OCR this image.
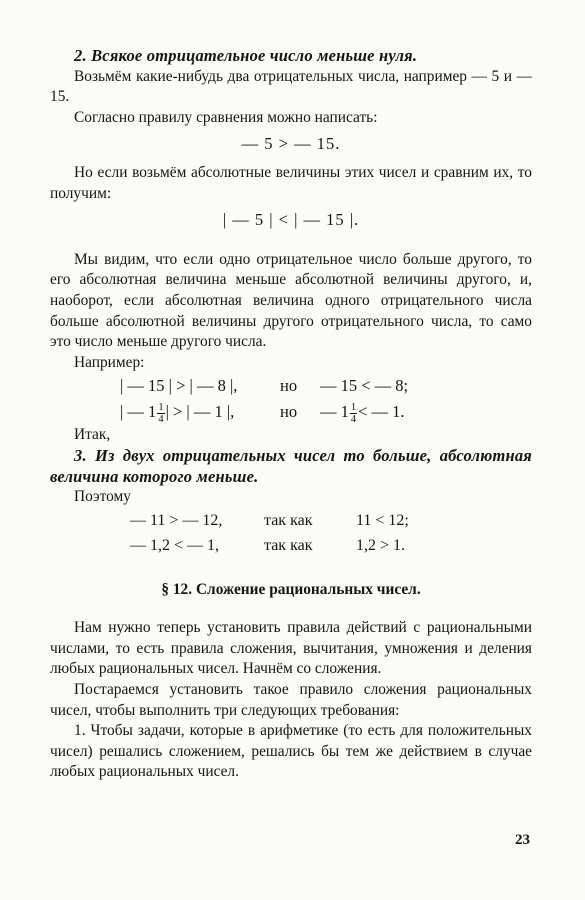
2. Всякое отрицательное число меньше нуля.

Возьмём какие-нибудь два отрицательных числа, например — 5 и — 15.

Согласно правилу сравнения можно написать:

— 5 > — 15.

Но если возьмём абсолютные величины этих чисел и сравним их, то получим:

| — 5 | < | — 15 |.

Мы видим, что если одно отрицательное число больше другого, то его абсолютная величина меньше абсолютной величины другого, и, наоборот, если абсолютная величина одного отрицательного числа больше абсолютной величины другого отрицательного числа, то само это число меньше другого числа.

Например:

| — 15 | > | — 8 |,	но	— 15 < — 8;
| — $1 \frac{1}{4}$ | > | — 1 |,	но	— $1 \frac{1}{4}$ < — 1.

Итак,

3. Из двух отрицательных чисел то больше, абсолютная величина которого меньше.

Поэтому

— 11 > — 12,	так как	11 < 12;
— 1,2 < — 1,	так как	1,2 > 1.
§ 12. Сложение рациональных чисел.

Нам нужно теперь установить правила действий с рациональными числами, то есть правила сложения, вычитания, умножения и деления любых рациональных чисел. Начнём со сложения.

Постараемся установить такое правило сложения рациональных чисел, чтобы выполнить три следующих требования:

1. Чтобы задачи, которые в арифметике (то есть для положительных чисел) решались сложением, решались бы тем же действием в случае любых рациональных чисел.

23
